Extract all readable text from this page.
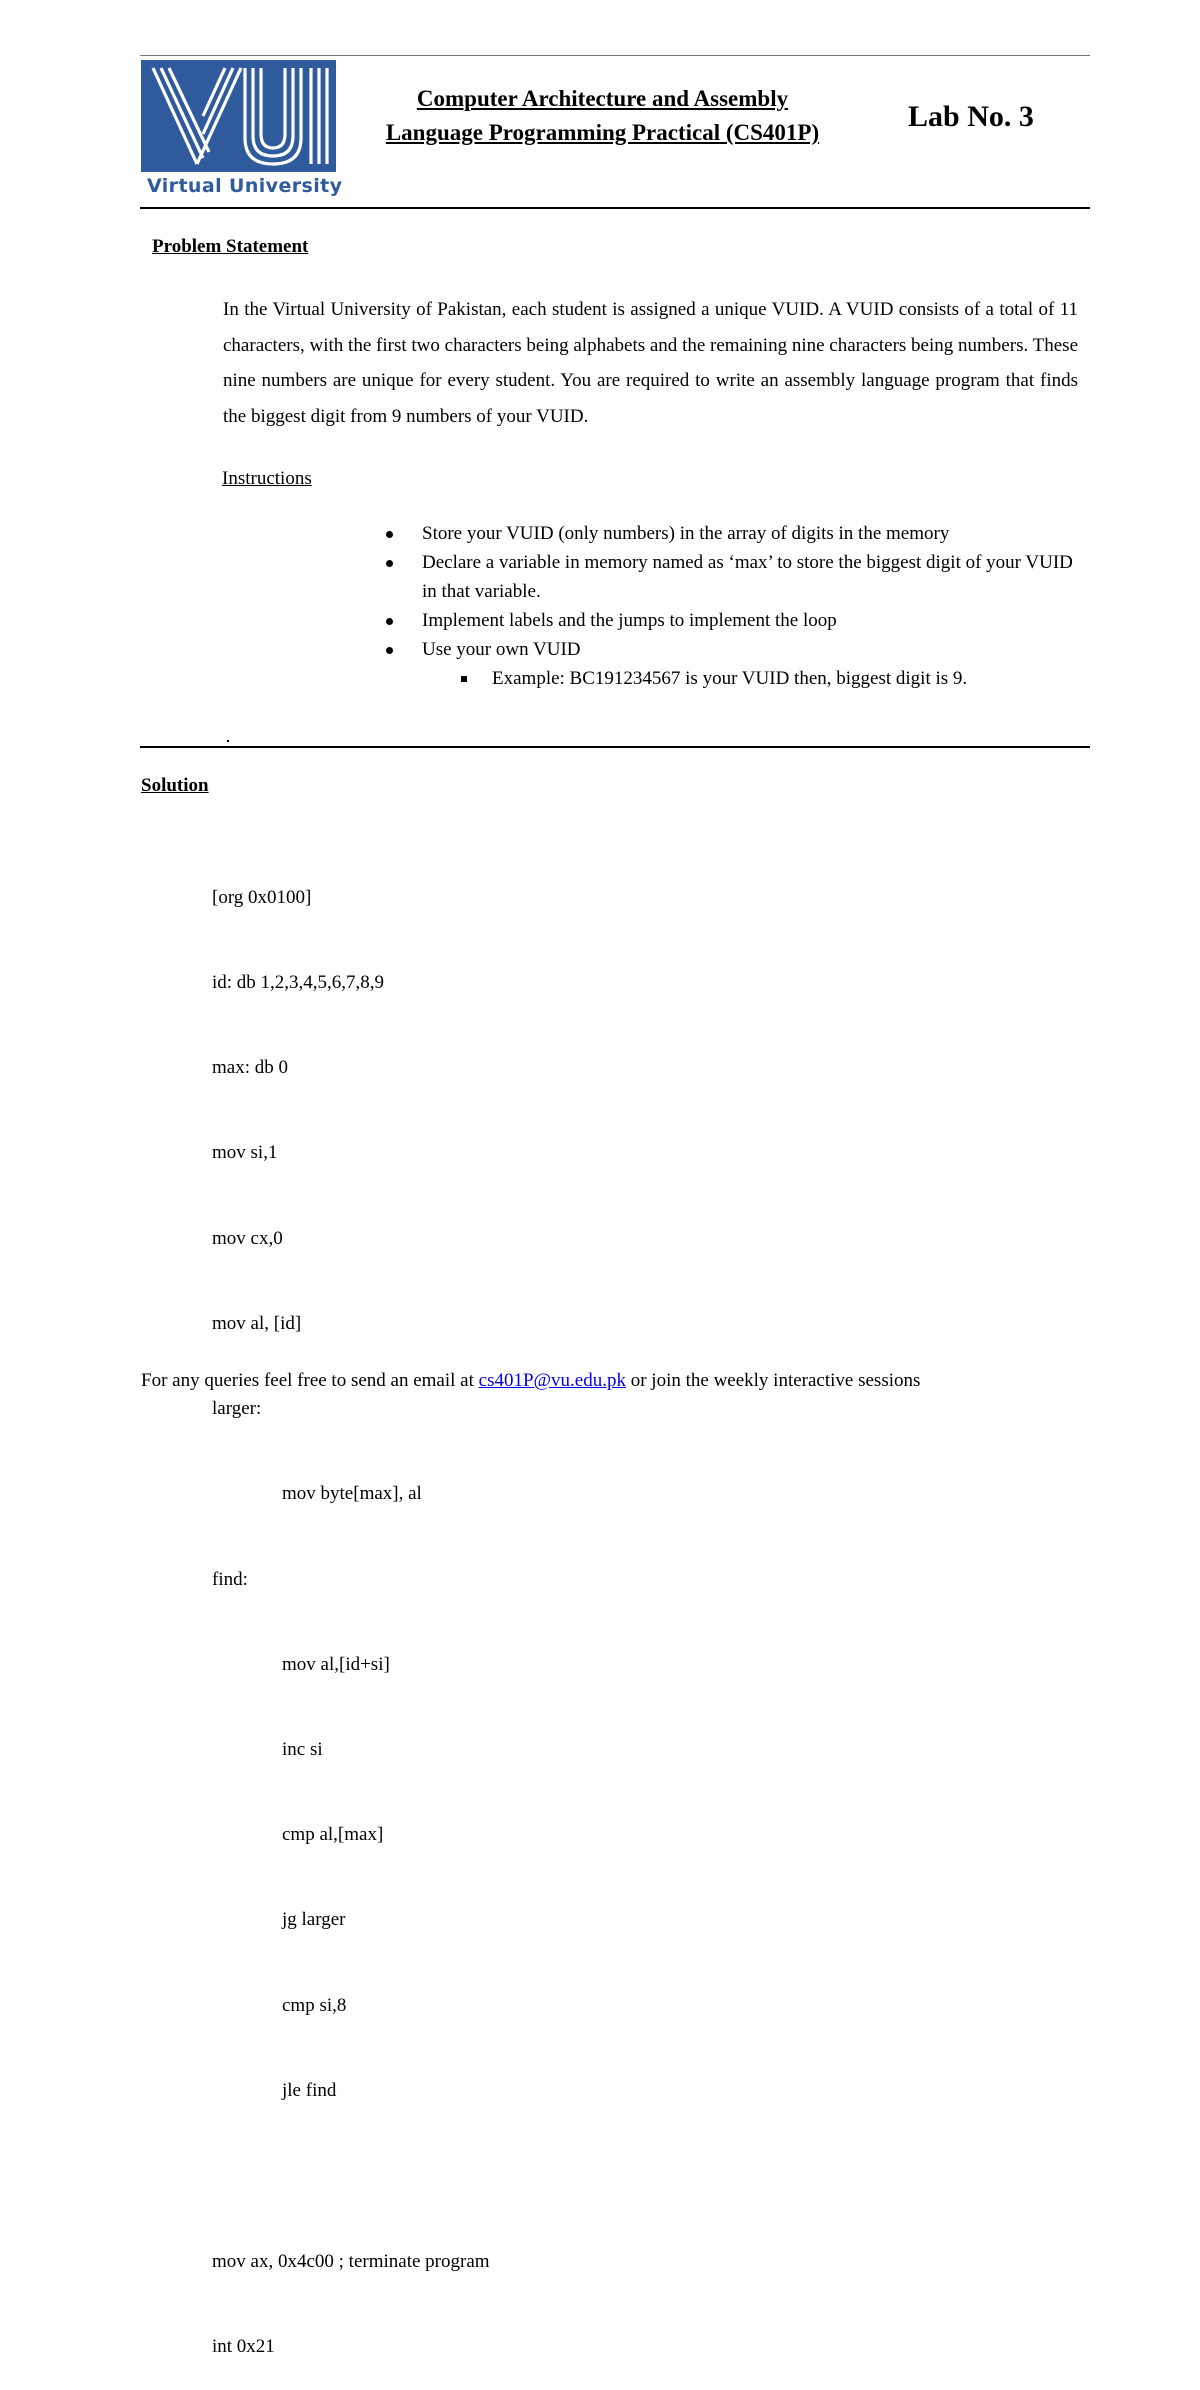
Virtual University
Computer Architecture and Assembly
Language Programming Practical (CS401P)	Lab No. 3
Problem Statement
In the Virtual University of Pakistan, each student is assigned a unique VUID. A VUID consists of a total of 11 characters, with the first two characters being alphabets and the remaining nine characters being numbers. These nine numbers are unique for every student. You are required to write an assembly language program that finds the biggest digit from 9 numbers of your VUID.
Instructions
Store your VUID (only numbers) in the array of digits in the memory
Declare a variable in memory named as ‘max’ to store the biggest digit of your VUID in that variable.
Implement labels and the jumps to implement the loop
Use your own VUID
Example: BC191234567 is your VUID then, biggest digit is 9.
Solution

[org 0x0100]

id: db 1,2,3,4,5,6,7,8,9

max: db 0

mov si,1

mov cx,0

mov al, [id]

larger:

mov byte[max], al

find:

mov al,[id+si]

inc si

cmp al,[max]

jg larger

cmp si,8

jle find

mov ax, 0x4c00 ; terminate program

int 0x21

For any queries feel free to send an email at cs401P@vu.edu.pk or join the weekly interactive sessions
